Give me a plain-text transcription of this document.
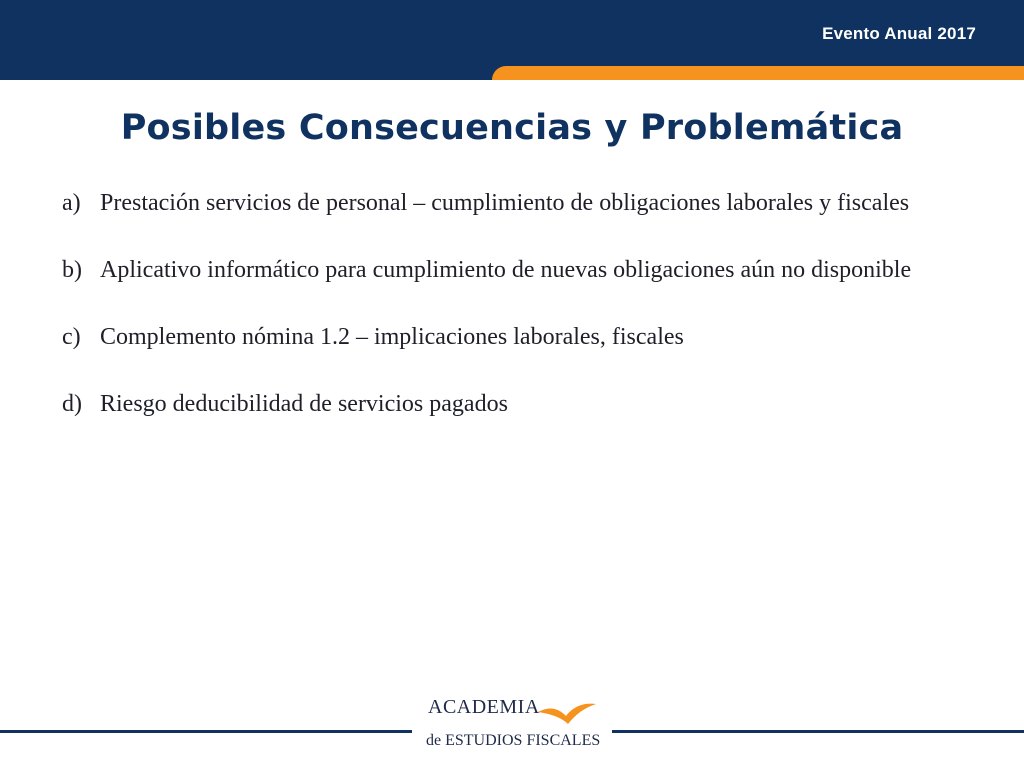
Evento Anual 2017
Posibles Consecuencias y Problemática
a) Prestación servicios de personal – cumplimiento de obligaciones laborales y fiscales
b) Aplicativo informático para cumplimiento de nuevas obligaciones aún no disponible
c) Complemento nómina 1.2 – implicaciones laborales, fiscales
d) Riesgo deducibilidad de servicios pagados
ACADEMIA
de ESTUDIOS FISCALES
